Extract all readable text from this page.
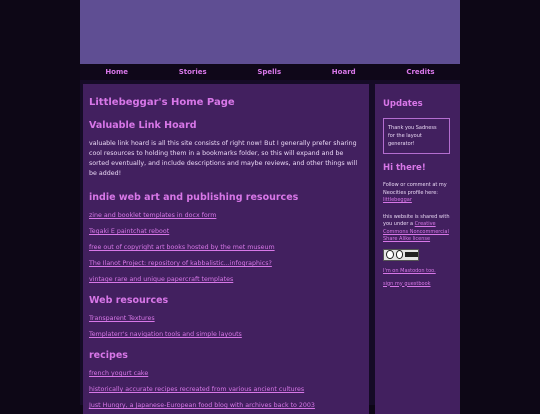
Home	Stories	Spells	Hoard	Credits
Littlebeggar's Home Page
Valuable Link Hoard

valuable link hoard is all this site consists of right now! But I generally prefer sharing cool resources to holding them in a bookmarks folder, so this will expand and be sorted eventually, and include descriptions and maybe reviews, and other things will be added!

indie web art and publishing resources
zine and booklet templates in docx form
Tegaki E paintchat reboot
free out of copyright art books hosted by the met museum
The Ilanot Project: repository of kabbalistic...infographics?
vintage rare and unique papercraft templates
Web resources
Transparent Textures
Templaterr's navigation tools and simple layouts
recipes
french yogurt cake
historically accurate recipes recreated from various ancient cultures
Just Hungry, a Japanese-European food blog with archives back to 2003
Updates
Thank you Sadness for the layout generator!
Hi there!
Follow or comment at my Neocities profile here: littlebeggar
this website is shared with you under a Creative Commons Noncommercial Share Alike license
I'm on Mastodon too.
sign my guestbook
